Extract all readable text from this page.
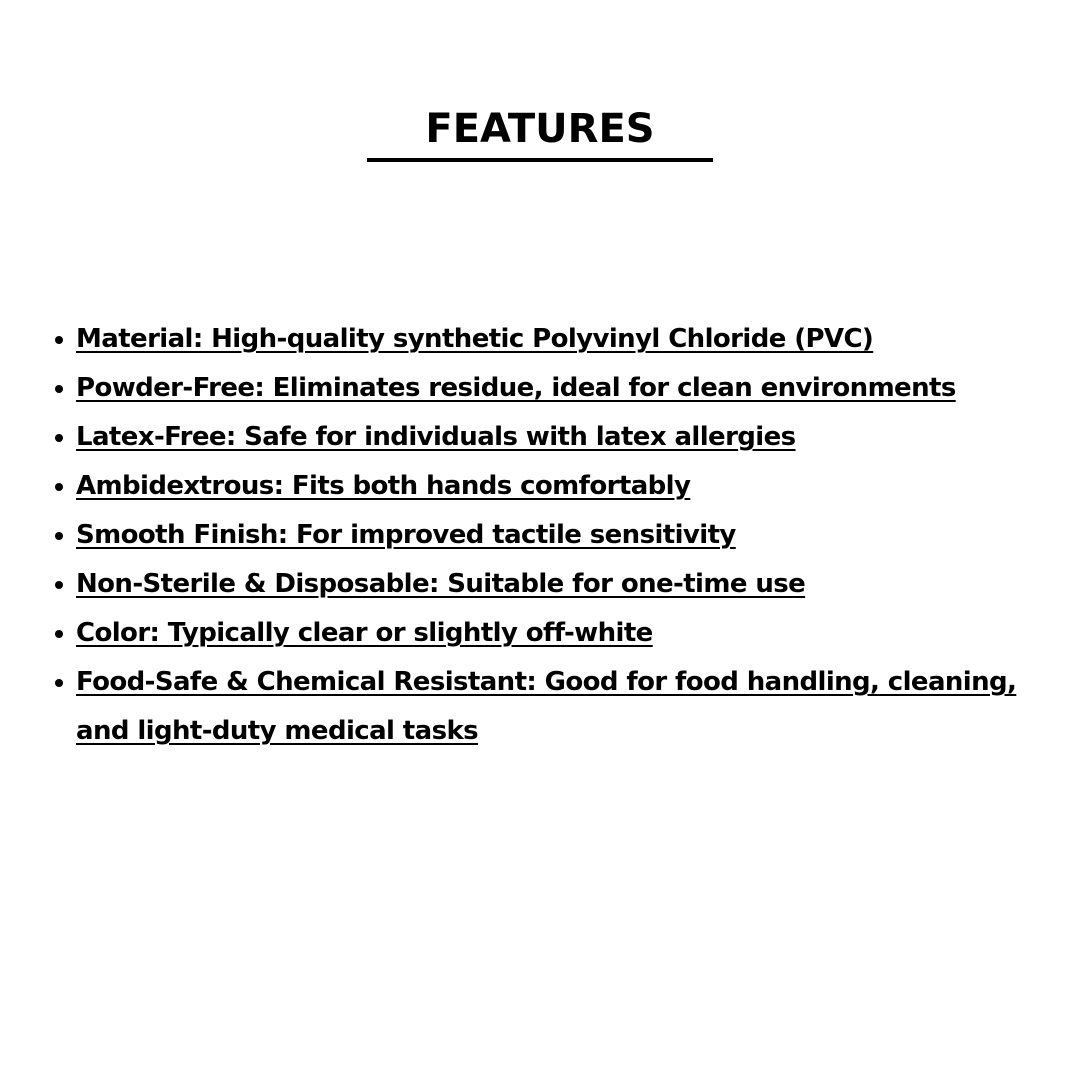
FEATURES
Material: High-quality synthetic Polyvinyl Chloride (PVC)
Powder-Free: Eliminates residue, ideal for clean environments
Latex-Free: Safe for individuals with latex allergies
Ambidextrous: Fits both hands comfortably
Smooth Finish: For improved tactile sensitivity
Non-Sterile & Disposable: Suitable for one-time use
Color: Typically clear or slightly off-white
Food-Safe & Chemical Resistant: Good for food handling, cleaning, and light-duty medical tasks
